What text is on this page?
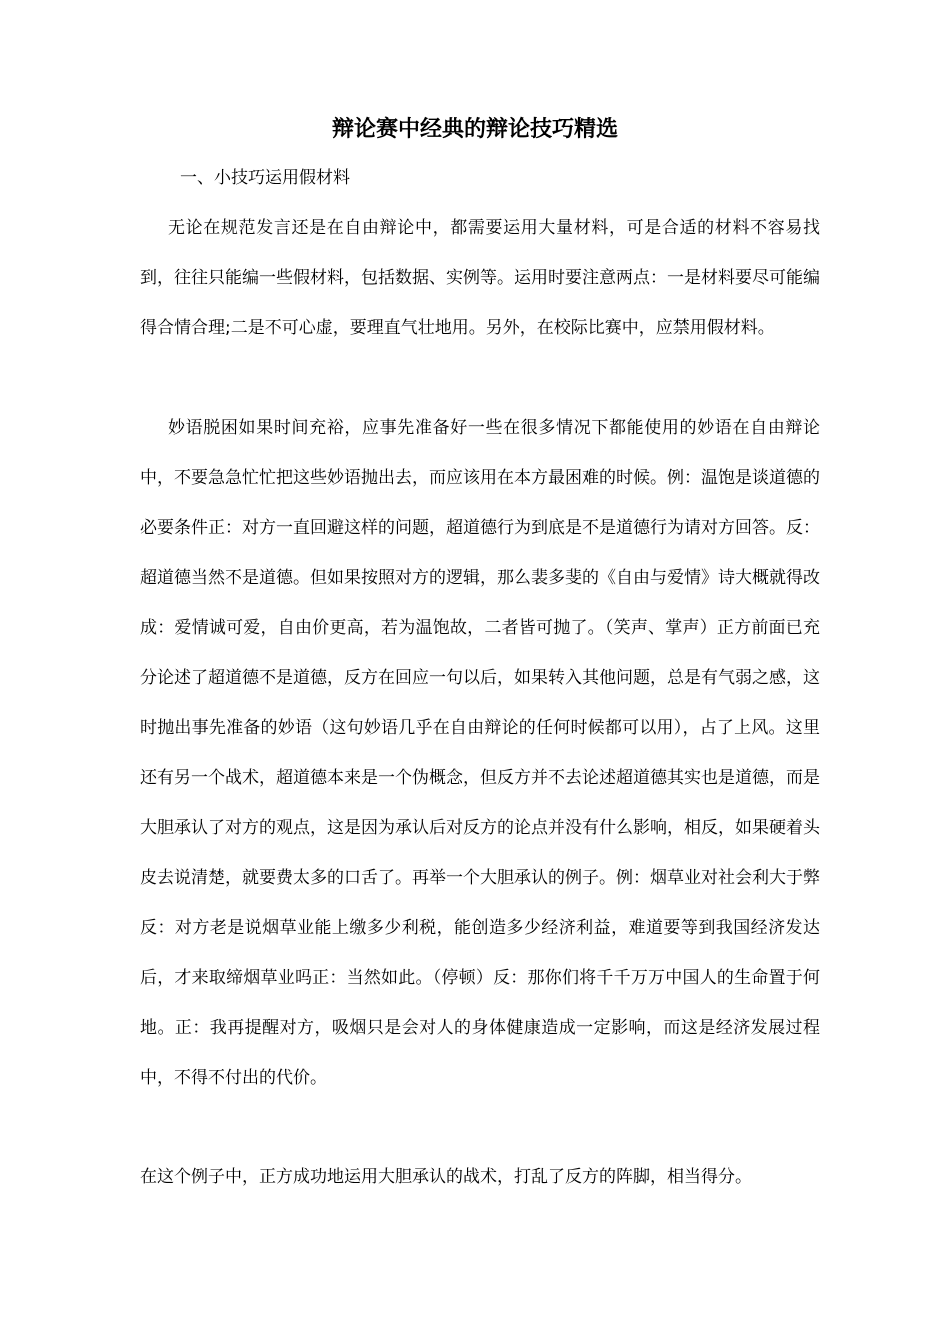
辩论赛中经典的辩论技巧精选

一、小技巧运用假材料

无论在规范发言还是在自由辩论中，都需要运用大量材料，可是合适的材料不容易找到，往往只能编一些假材料，包括数据、实例等。运用时要注意两点：一是材料要尽可能编得合情合理;二是不可心虚，要理直气壮地用。另外，在校际比赛中，应禁用假材料。

妙语脱困如果时间充裕，应事先准备好一些在很多情况下都能使用的妙语在自由辩论中，不要急急忙忙把这些妙语抛出去，而应该用在本方最困难的时候。例：温饱是谈道德的必要条件正：对方一直回避这样的问题，超道德行为到底是不是道德行为请对方回答。反：超道德当然不是道德。但如果按照对方的逻辑，那么裴多斐的《自由与爱情》诗大概就得改成：爱情诚可爱，自由价更高，若为温饱故，二者皆可抛了。（笑声、掌声）正方前面已充分论述了超道德不是道德，反方在回应一句以后，如果转入其他问题，总是有气弱之感，这时抛出事先准备的妙语（这句妙语几乎在自由辩论的任何时候都可以用），占了上风。这里还有另一个战术，超道德本来是一个伪概念，但反方并不去论述超道德其实也是道德，而是大胆承认了对方的观点，这是因为承认后对反方的论点并没有什么影响，相反，如果硬着头皮去说清楚，就要费太多的口舌了。再举一个大胆承认的例子。例：烟草业对社会利大于弊反：对方老是说烟草业能上缴多少利税，能创造多少经济利益，难道要等到我国经济发达后，才来取缔烟草业吗正：当然如此。（停顿）反：那你们将千千万万中国人的生命置于何地。正：我再提醒对方，吸烟只是会对人的身体健康造成一定影响，而这是经济发展过程中，不得不付出的代价。

在这个例子中，正方成功地运用大胆承认的战术，打乱了反方的阵脚，相当得分。
